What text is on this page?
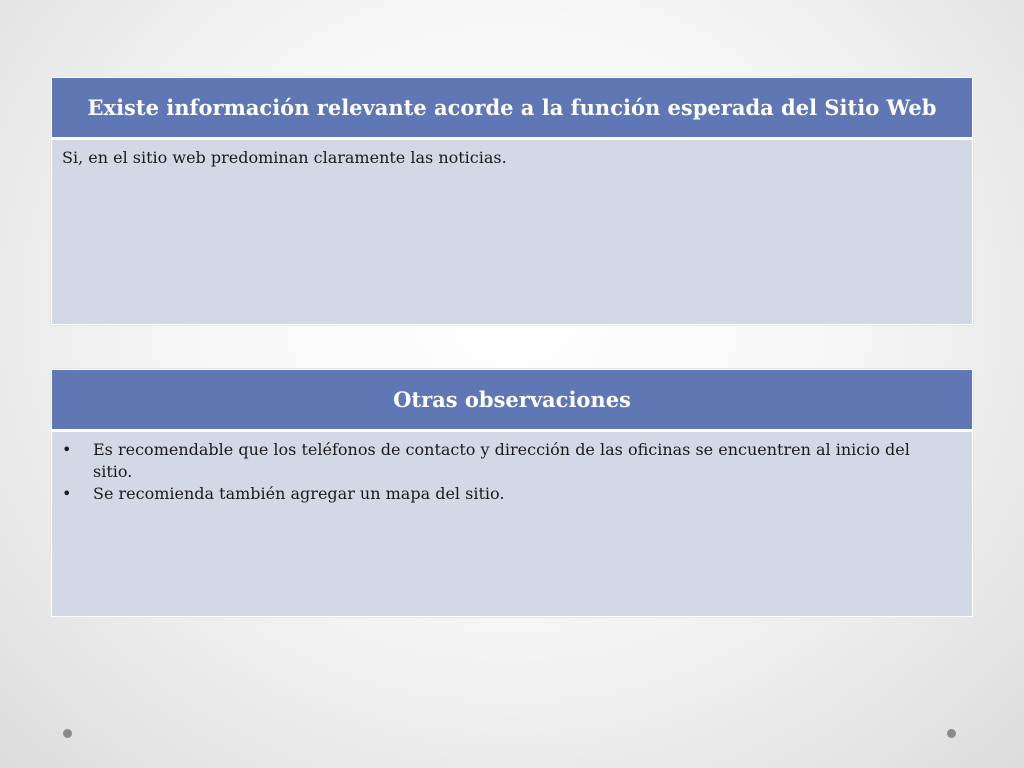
Existe información relevante acorde a la función esperada del Sitio Web

Si, en el sitio web predominan claramente las noticias.

Otras observaciones
• Es recomendable que los teléfonos de contacto y dirección de las oficinas se encuentren al inicio del sitio.
• Se recomienda también agregar un mapa del sitio.
